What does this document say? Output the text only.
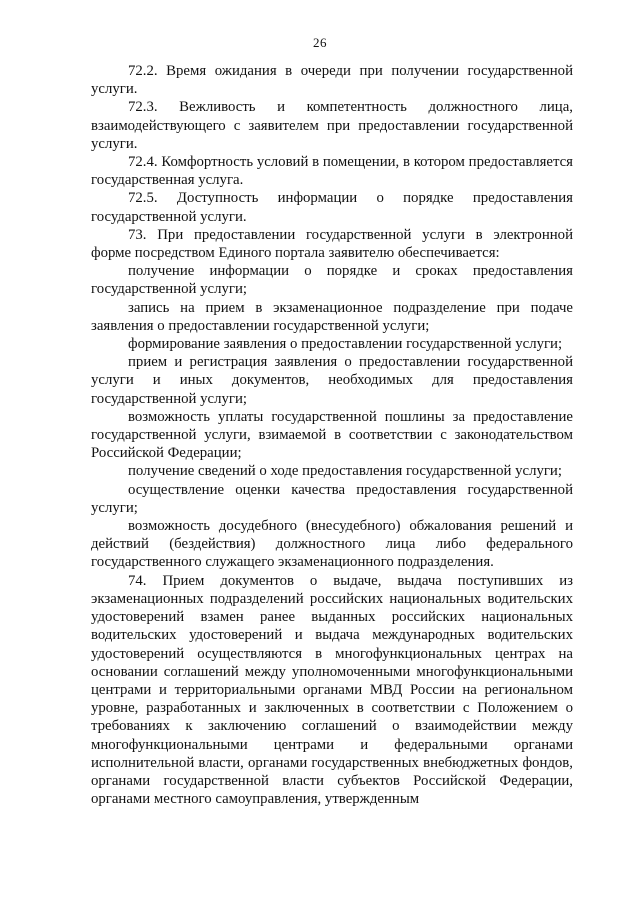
26

72.2. Время ожидания в очереди при получении государственной услуги.

72.3. Вежливость и компетентность должностного лица, взаимодействующего с заявителем при предоставлении государственной услуги.

72.4. Комфортность условий в помещении, в котором предоставляется государственная услуга.

72.5. Доступность информации о порядке предоставления государственной услуги.

73. При предоставлении государственной услуги в электронной форме посредством Единого портала заявителю обеспечивается:

получение информации о порядке и сроках предоставления государственной услуги;

запись на прием в экзаменационное подразделение при подаче заявления о предоставлении государственной услуги;

формирование заявления о предоставлении государственной услуги;

прием и регистрация заявления о предоставлении государственной услуги и иных документов, необходимых для предоставления государственной услуги;

возможность уплаты государственной пошлины за предоставление государственной услуги, взимаемой в соответствии с законодательством Российской Федерации;

получение сведений о ходе предоставления государственной услуги;

осуществление оценки качества предоставления государственной услуги;

возможность досудебного (внесудебного) обжалования решений и действий (бездействия) должностного лица либо федерального государственного служащего экзаменационного подразделения.

74. Прием документов о выдаче, выдача поступивших из экзаменационных подразделений российских национальных водительских удостоверений взамен ранее выданных российских национальных водительских удостоверений и выдача международных водительских удостоверений осуществляются в многофункциональных центрах на основании соглашений между уполномоченными многофункциональными центрами и территориальными органами МВД России на региональном уровне, разработанных и заключенных в соответствии с Положением о требованиях к заключению соглашений о взаимодействии между многофункциональными центрами и федеральными органами исполнительной власти, органами государственных внебюджетных фондов, органами государственной власти субъектов Российской Федерации, органами местного самоуправления, утвержденным
